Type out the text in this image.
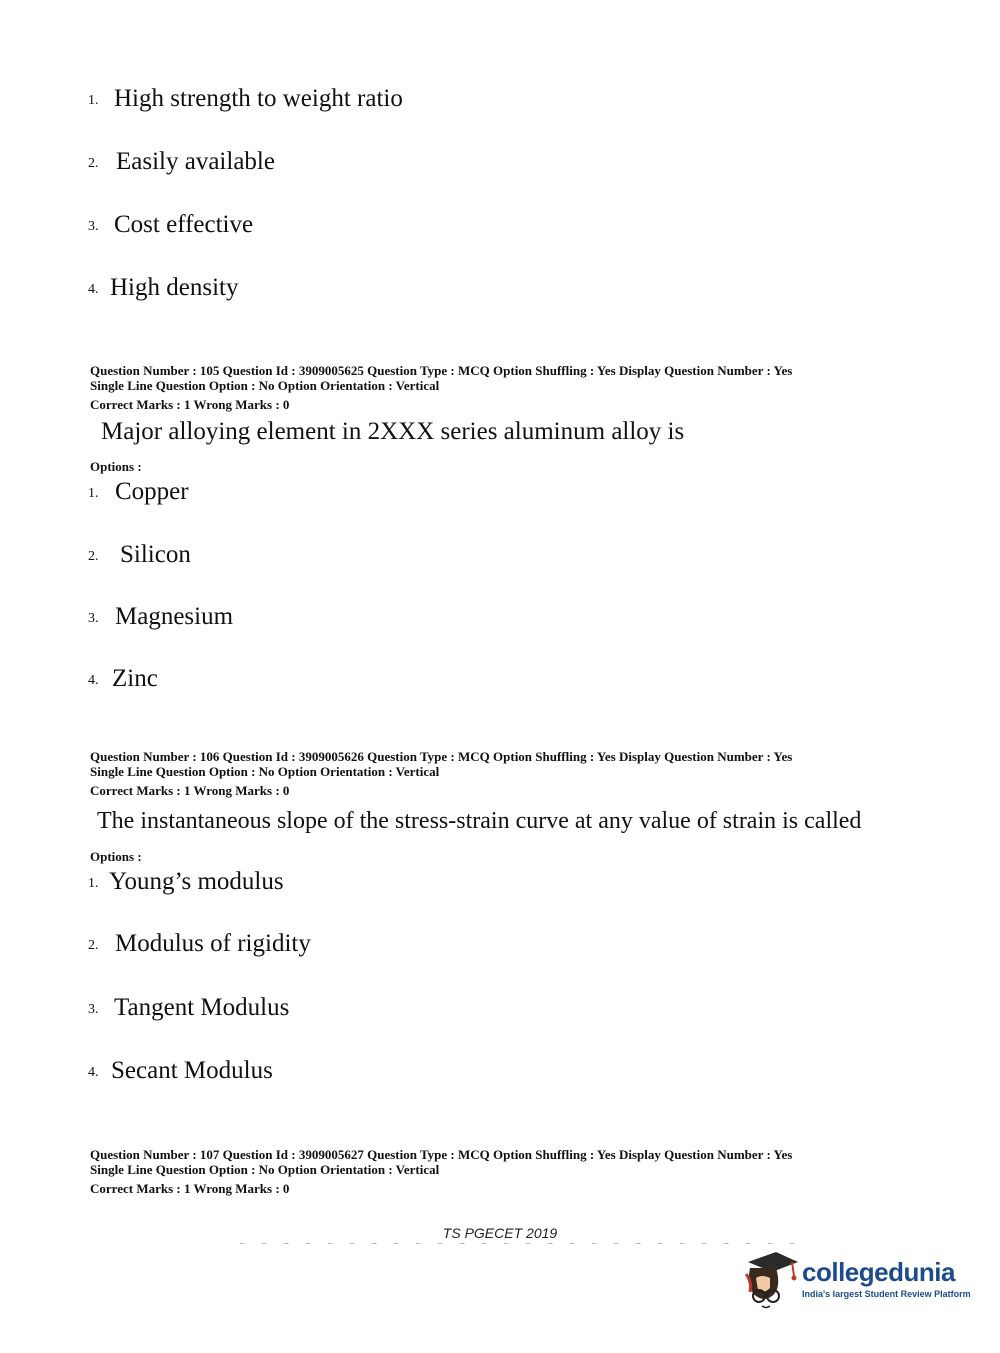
1. High strength to weight ratio
2. Easily available
3. Cost effective
4. High density
Question Number : 105 Question Id : 3909005625 Question Type : MCQ Option Shuffling : Yes Display Question Number : Yes
Single Line Question Option : No Option Orientation : Vertical
Correct Marks : 1 Wrong Marks : 0
Major alloying element in 2XXX series aluminum alloy is
Options :
1. Copper
2. Silicon
3. Magnesium
4. Zinc
Question Number : 106 Question Id : 3909005626 Question Type : MCQ Option Shuffling : Yes Display Question Number : Yes
Single Line Question Option : No Option Orientation : Vertical
Correct Marks : 1 Wrong Marks : 0
The instantaneous slope of the stress-strain curve at any value of strain is called
Options :
1. Young’s modulus
2. Modulus of rigidity
3. Tangent Modulus
4. Secant Modulus
Question Number : 107 Question Id : 3909005627 Question Type : MCQ Option Shuffling : Yes Display Question Number : Yes
Single Line Question Option : No Option Orientation : Vertical
Correct Marks : 1 Wrong Marks : 0
TS PGECET 2019
collegedunia
India's largest Student Review Platform
